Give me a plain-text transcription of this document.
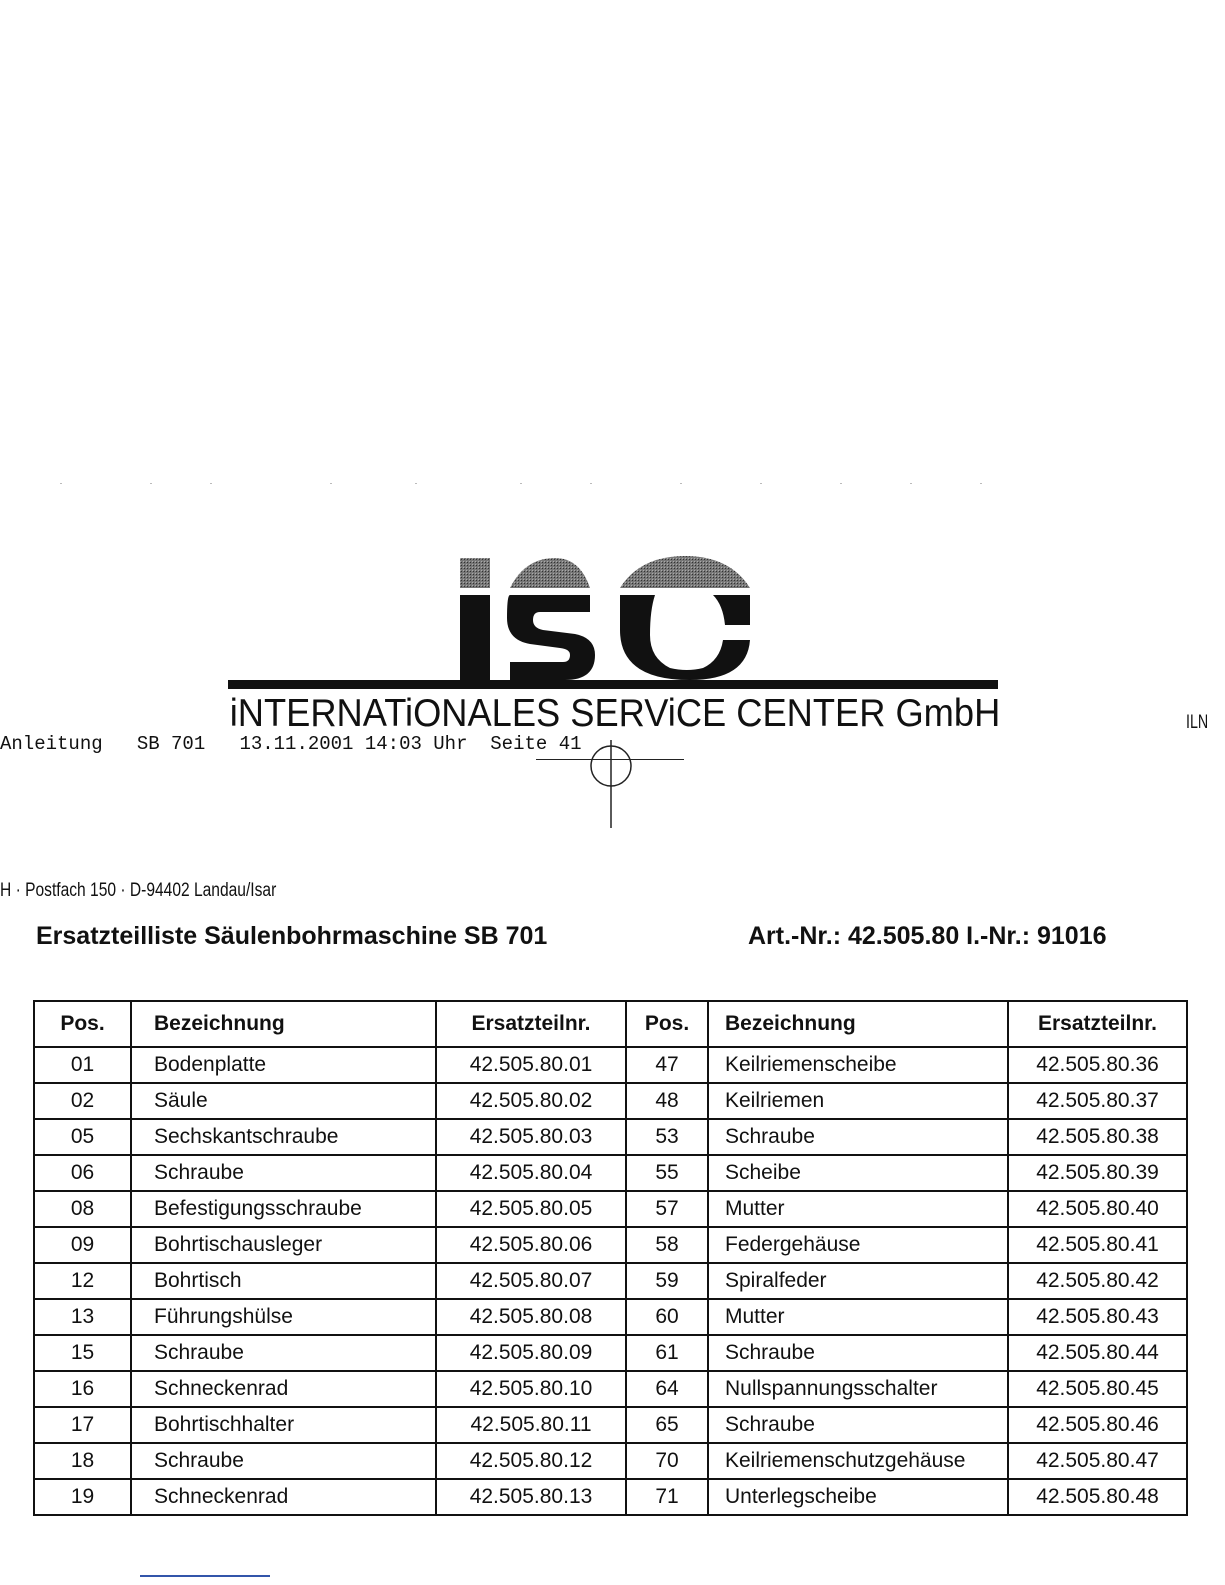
iNTERNATiONALES SERViCE CENTER GmbH	ILN
Anleitung   SB 701   13.11.2001 14:03 Uhr  Seite 41
H · Postfach 150 · D-94402 Landau/Isar
Ersatzteilliste Säulenbohrmaschine SB 701	Art.-Nr.: 42.505.80 I.-Nr.: 91016
Pos.	Bezeichnung	Ersatzteilnr.	Pos.	Bezeichnung	Ersatzteilnr.
01	Bodenplatte	42.505.80.01	47	Keilriemenscheibe	42.505.80.36
02	Säule	42.505.80.02	48	Keilriemen	42.505.80.37
05	Sechskantschraube	42.505.80.03	53	Schraube	42.505.80.38
06	Schraube	42.505.80.04	55	Scheibe	42.505.80.39
08	Befestigungsschraube	42.505.80.05	57	Mutter	42.505.80.40
09	Bohrtischausleger	42.505.80.06	58	Federgehäuse	42.505.80.41
12	Bohrtisch	42.505.80.07	59	Spiralfeder	42.505.80.42
13	Führungshülse	42.505.80.08	60	Mutter	42.505.80.43
15	Schraube	42.505.80.09	61	Schraube	42.505.80.44
16	Schneckenrad	42.505.80.10	64	Nullspannungsschalter	42.505.80.45
17	Bohrtischhalter	42.505.80.11	65	Schraube	42.505.80.46
18	Schraube	42.505.80.12	70	Keilriemenschutzgehäuse	42.505.80.47
19	Schneckenrad	42.505.80.13	71	Unterlegscheibe	42.505.80.48
